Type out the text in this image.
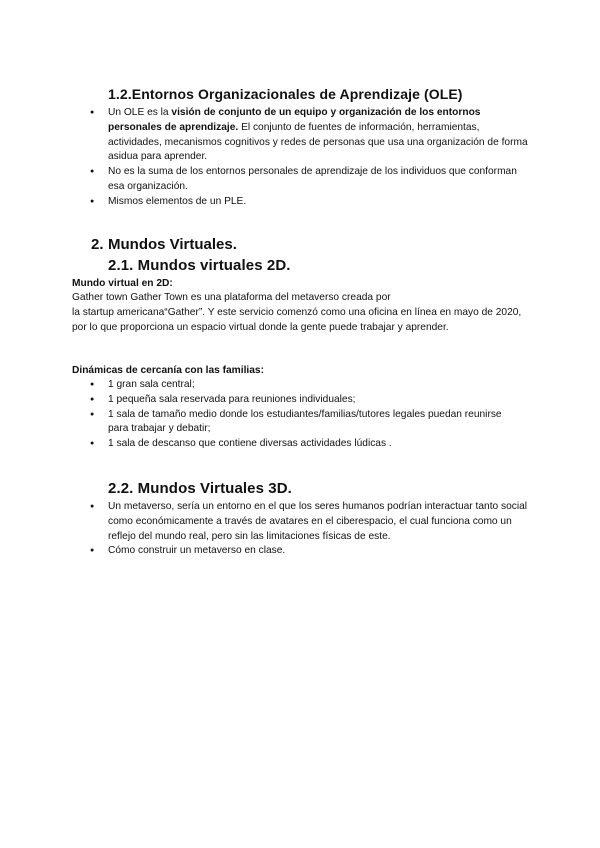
1.2.Entornos Organizacionales de Aprendizaje (OLE)
● Un OLE es la visión de conjunto de un equipo y organización de los entornos personales de aprendizaje. El conjunto de fuentes de información, herramientas, actividades, mecanismos cognitivos y redes de personas que usa una organización de forma asidua para aprender.
● No es la suma de los entornos personales de aprendizaje de los individuos que conforman esa organización.
● Mismos elementos de un PLE.
2. Mundos Virtuales.
2.1. Mundos virtuales 2D.
Mundo virtual en 2D:
Gather town Gather Town es una plataforma del metaverso creada por
la startup americana“Gather”. Y este servicio comenzó como una oficina en línea en mayo de 2020, por lo que proporciona un espacio virtual donde la gente puede trabajar y aprender.
Dinámicas de cercanía con las familias:
● 1 gran sala central;
● 1 pequeña sala reservada para reuniones individuales;
● 1 sala de tamaño medio donde los estudiantes/familias/tutores legales puedan reunirse para trabajar y debatir;
● 1 sala de descanso que contiene diversas actividades lúdicas .
2.2. Mundos Virtuales 3D.
● Un metaverso, sería un entorno en el que los seres humanos podrían interactuar tanto social como económicamente a través de avatares en el ciberespacio, el cual funciona como un reflejo del mundo real, pero sin las limitaciones físicas de este.
● Cómo construir un metaverso en clase.
